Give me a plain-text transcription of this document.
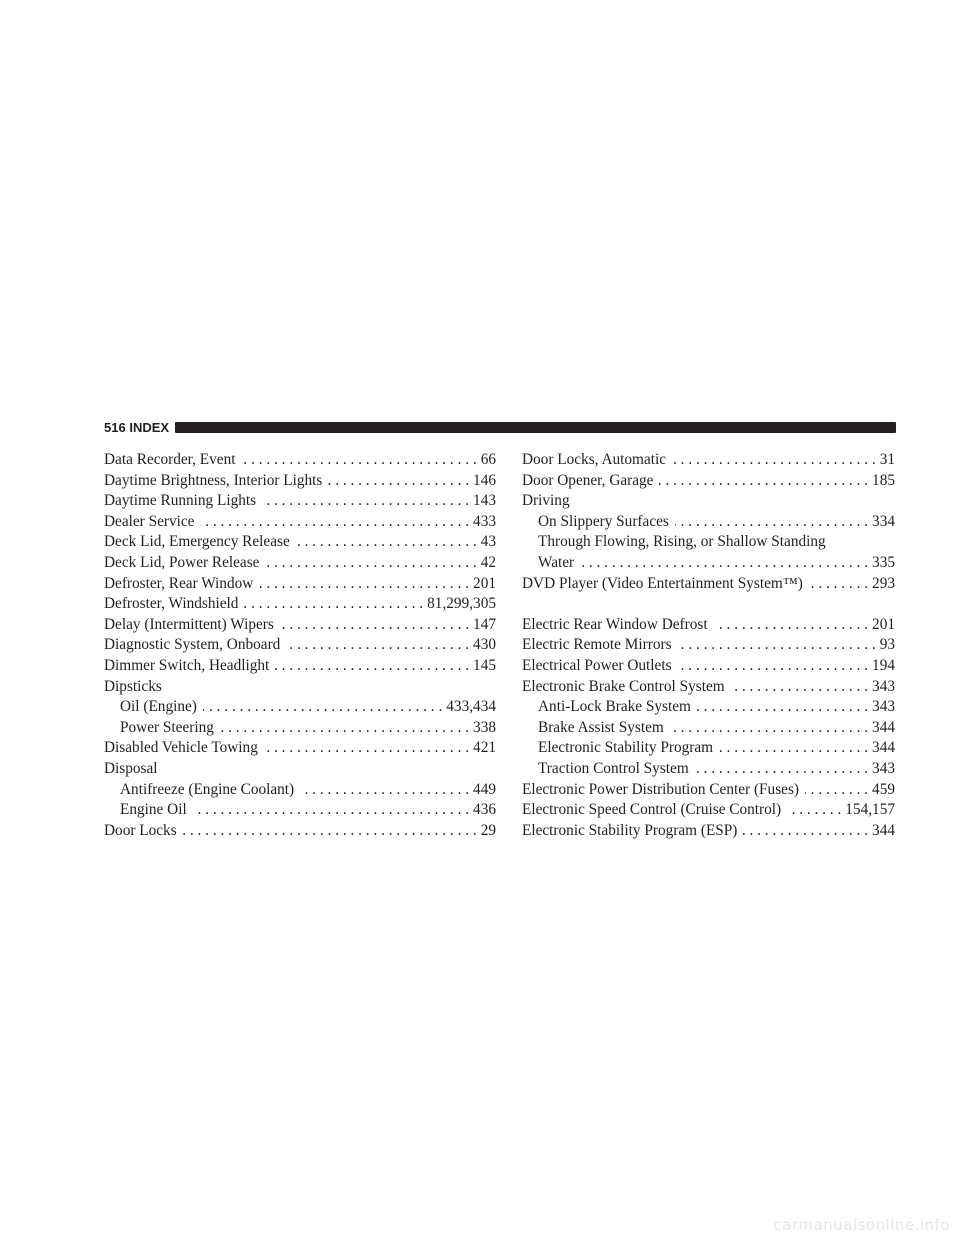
516
INDEX
Data Recorder, Event . . .	66
Daytime Brightness, Interior Lights . . .	146
Daytime Running Lights . . .	143
Dealer Service . . .	433
Deck Lid, Emergency Release . . .	43
Deck Lid, Power Release . . .	42
Defroster, Rear Window . . .	201
Defroster, Windshield . . .	81,299,305
Delay (Intermittent) Wipers . . .	147
Diagnostic System, Onboard . . .	430
Dimmer Switch, Headlight . . .	145
Dipsticks
Oil (Engine) . . .	433,434
Power Steering . . .	338
Disabled Vehicle Towing . . .	421
Disposal
Antifreeze (Engine Coolant) . . .	449
Engine Oil . . .	436
Door Locks . . .	29
Door Locks, Automatic . . .	31
Door Opener, Garage . . .	185
Driving
On Slippery Surfaces . . .	334
Through Flowing, Rising, or Shallow Standing
Water . . .	335
DVD Player (Video Entertainment System™) . . .	293
Electric Rear Window Defrost . . .	201
Electric Remote Mirrors . . .	93
Electrical Power Outlets . . .	194
Electronic Brake Control System . . .	343
Anti-Lock Brake System . . .	343
Brake Assist System . . .	344
Electronic Stability Program . . .	344
Traction Control System . . .	343
Electronic Power Distribution Center (Fuses) . . .	459
Electronic Speed Control (Cruise Control) . . .	154,157
Electronic Stability Program (ESP) . . .	344
carmanualsonline.info
